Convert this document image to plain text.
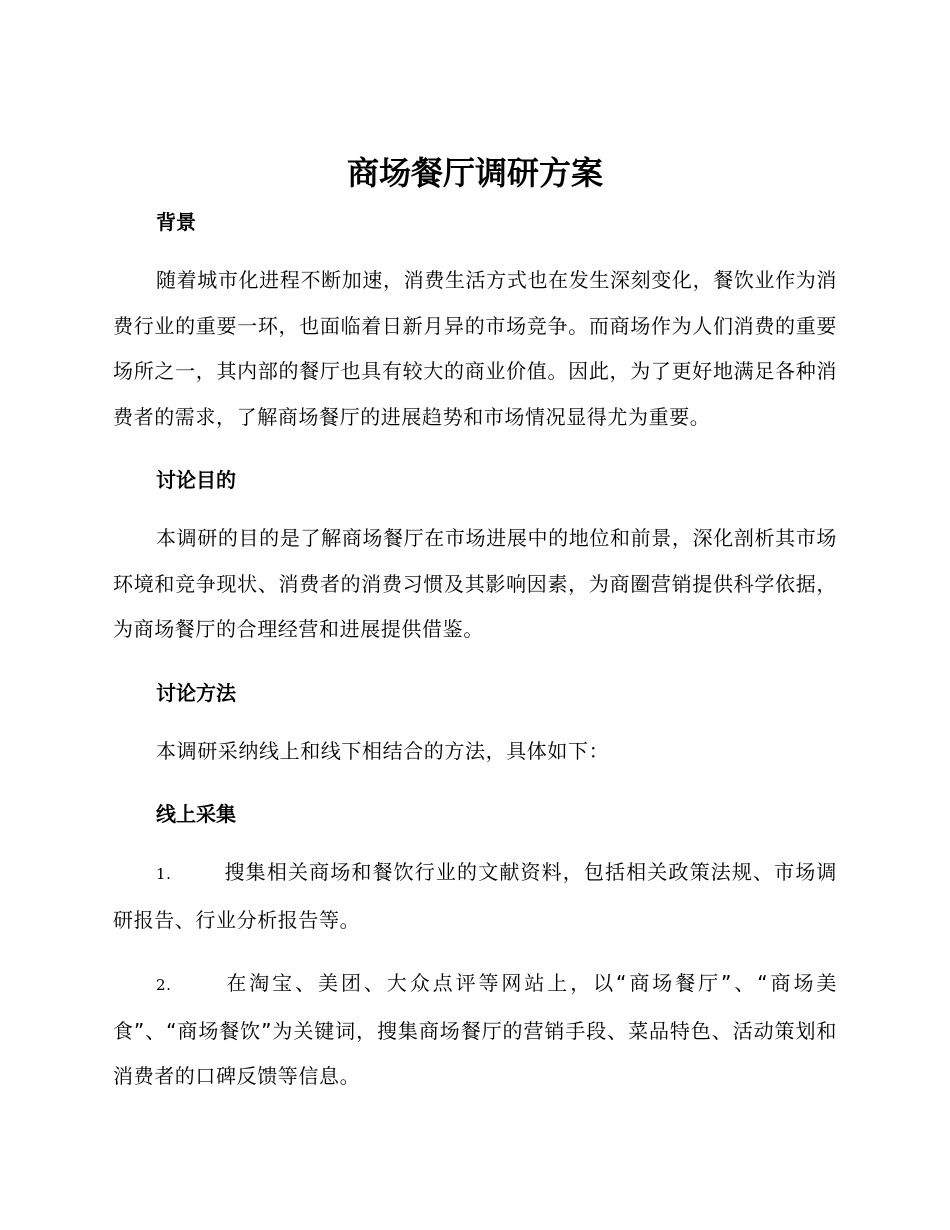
商场餐厅调研方案
背景

随着城市化进程不断加速，消费生活方式也在发生深刻变化，餐饮业作为消费行业的重要一环，也面临着日新月异的市场竞争。而商场作为人们消费的重要场所之一，其内部的餐厅也具有较大的商业价值。因此，为了更好地满足各种消费者的需求，了解商场餐厅的进展趋势和市场情况显得尤为重要。

讨论目的

本调研的目的是了解商场餐厅在市场进展中的地位和前景，深化剖析其市场环境和竞争现状、消费者的消费习惯及其影响因素，为商圈营销提供科学依据，为商场餐厅的合理经营和进展提供借鉴。

讨论方法

本调研采纳线上和线下相结合的方法，具体如下：

线上采集

1.	搜集相关商场和餐饮行业的文献资料，包括相关政策法规、市场调研报告、行业分析报告等。

2.	在淘宝、美团、大众点评等网站上，以“商场餐厅”、“商场美食”、“商场餐饮”为关键词，搜集商场餐厅的营销手段、菜品特色、活动策划和消费者的口碑反馈等信息。
